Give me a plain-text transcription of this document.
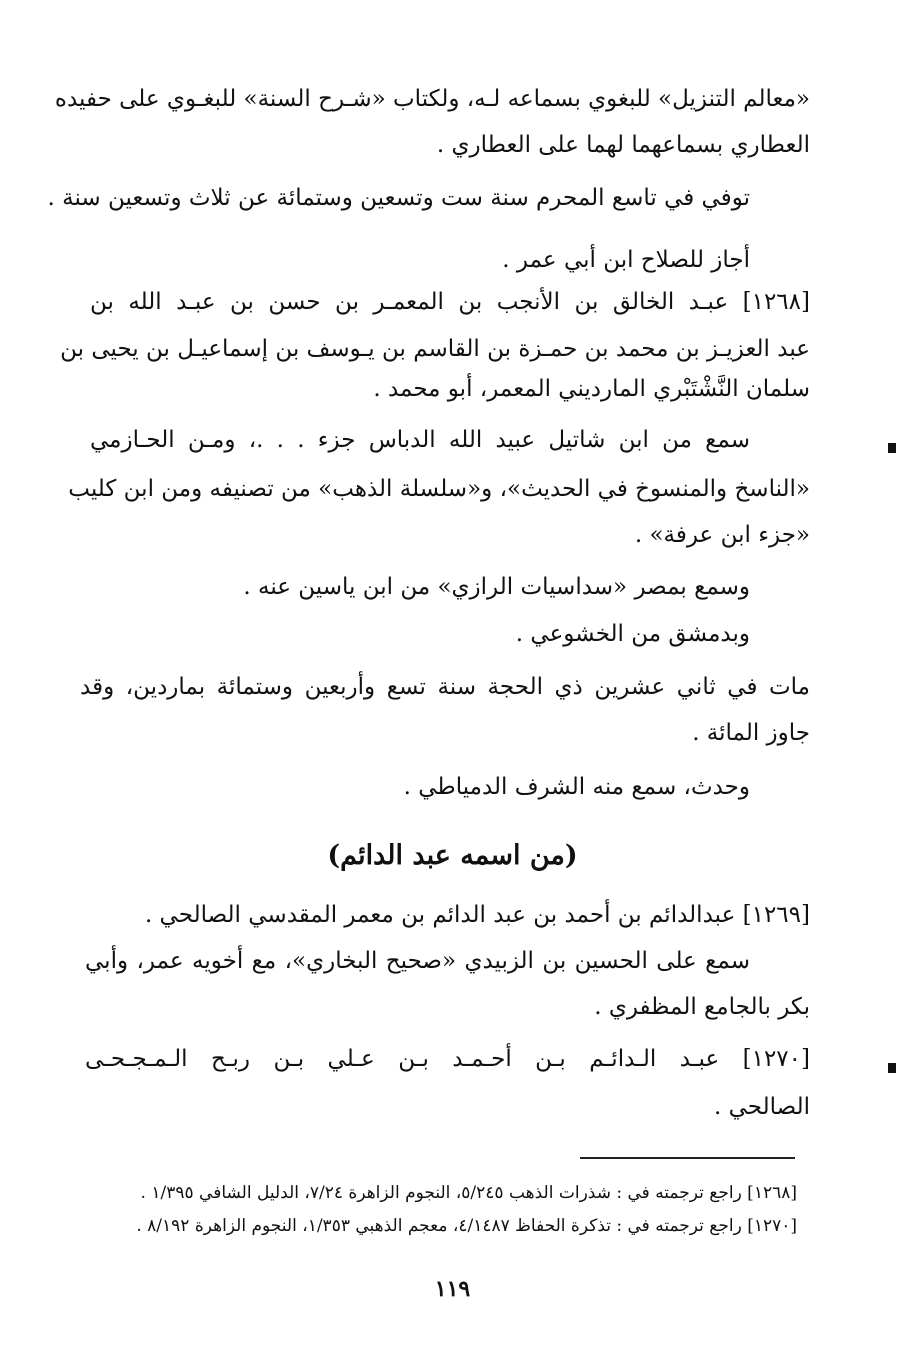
«معالم التنزيل» للبغوي بسماعه لـه، ولكتاب «شـرح السنة» للبغـوي على حفيده
العطاري بسماعهما لهما على العطاري .
توفي في تاسع المحرم سنة ست وتسعين وستمائة عن ثلاث وتسعين سنة .
أجاز للصلاح ابن أبي عمر .
[١٢٦٨] عبـد الخالق بن الأنجب بن المعمـر بن حسن بن عبـد الله بن
عبد العزيـز بن محمد بن حمـزة بن القاسم بن يـوسف بن إسماعيـل بن يحيى بن
سلمان النَّشْتَبْري المارديني المعمر، أبو محمد .
سمع من ابن شاتيل عبيد الله الدباس جزء . . .، ومـن الحـازمي
«الناسخ والمنسوخ في الحديث»، و«سلسلة الذهب» من تصنيفه ومن ابن كليب
«جزء ابن عرفة» .
وسمع بمصر «سداسيات الرازي» من ابن ياسين عنه .
وبدمشق من الخشوعي .
مات في ثاني عشرين ذي الحجة سنة تسع وأربعين وستمائة بماردين، وقد
جاوز المائة .
وحدث، سمع منه الشرف الدمياطي .
(من اسمه عبد الدائم)
[١٢٦٩] عبدالدائم بن أحمد بن عبد الدائم بن معمر المقدسي الصالحي .
سمع على الحسين بن الزبيدي «صحيح البخاري»، مع أخويه عمر، وأبي
بكر بالجامع المظفري .
[١٢٧٠] عبـد الـدائـم بـن أحـمـد بـن عـلي بـن ربـح الـمـجـحـى
الصالحي .
[١٢٦٨] راجع ترجمته في : شذرات الذهب ٥/٢٤٥، النجوم الزاهرة ٧/٢٤، الدليل الشافي ١/٣٩٥ .
[١٢٧٠] راجع ترجمته في : تذكرة الحفاظ ٤/١٤٨٧، معجم الذهبي ١/٣٥٣، النجوم الزاهرة ٨/١٩٢ .
١١٩
